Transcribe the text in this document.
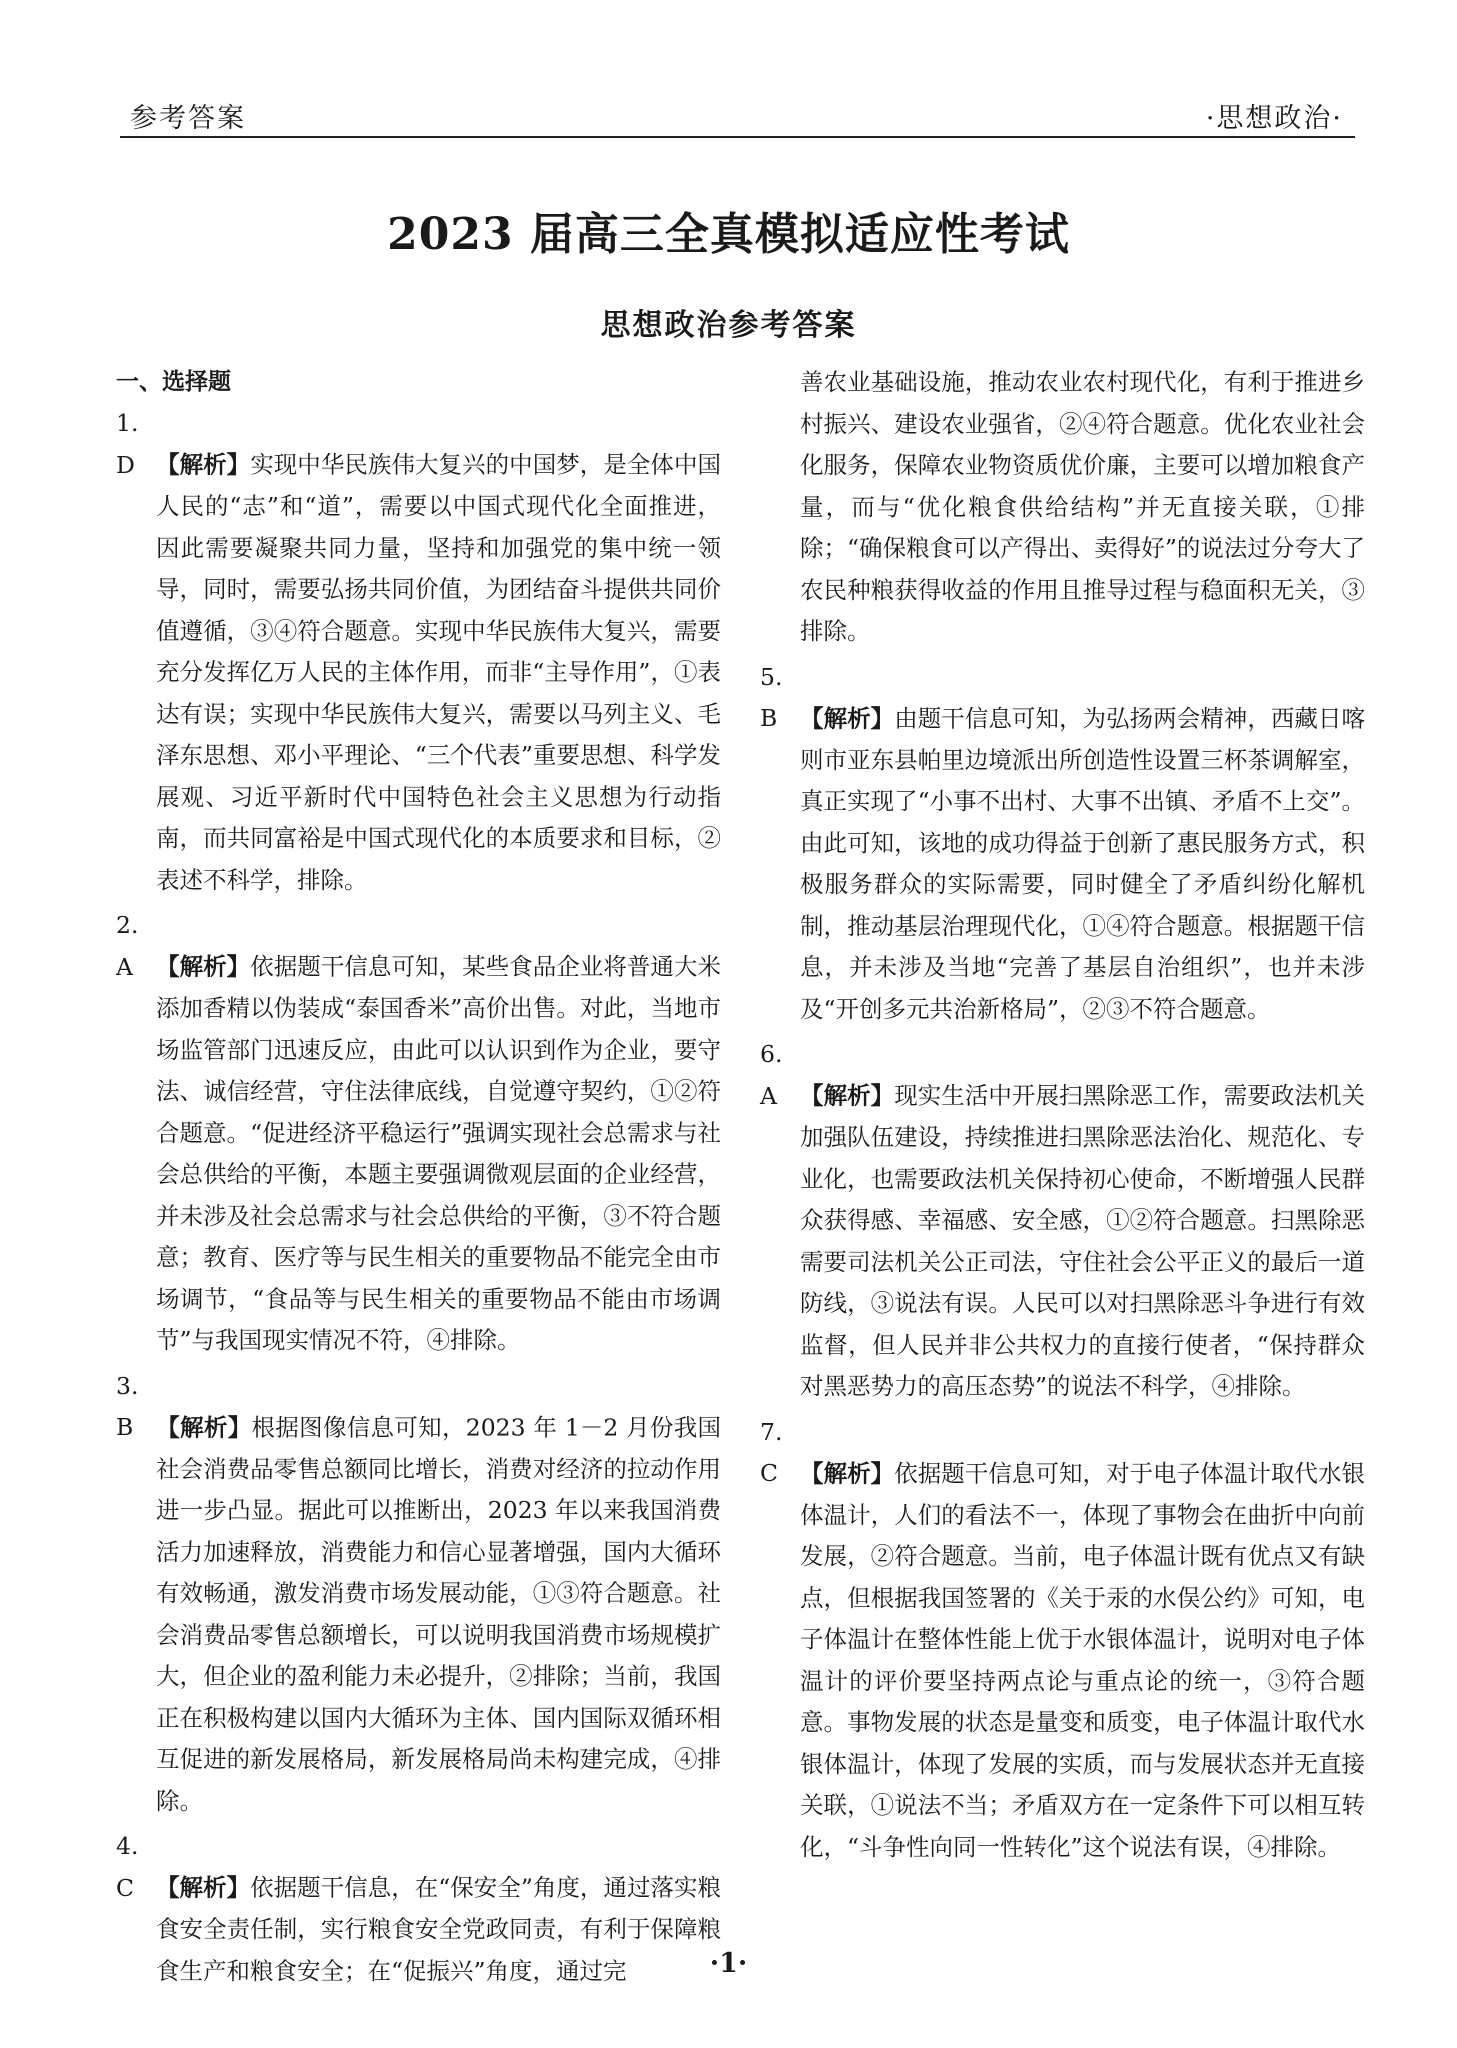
参考答案	·思想政治·
2023 届高三全真模拟适应性考试
思想政治参考答案
一、选择题

1. D 【解析】实现中华民族伟大复兴的中国梦，是全体中国人民的“志”和“道”，需要以中国式现代化全面推进，因此需要凝聚共同力量，坚持和加强党的集中统一领导，同时，需要弘扬共同价值，为团结奋斗提供共同价值遵循，③④符合题意。实现中华民族伟大复兴，需要充分发挥亿万人民的主体作用，而非“主导作用”，①表达有误；实现中华民族伟大复兴，需要以马列主义、毛泽东思想、邓小平理论、“三个代表”重要思想、科学发展观、习近平新时代中国特色社会主义思想为行动指南，而共同富裕是中国式现代化的本质要求和目标，②表述不科学，排除。

2. A 【解析】依据题干信息可知，某些食品企业将普通大米添加香精以伪装成“泰国香米”高价出售。对此，当地市场监管部门迅速反应，由此可以认识到作为企业，要守法、诚信经营，守住法律底线，自觉遵守契约，①②符合题意。“促进经济平稳运行”强调实现社会总需求与社会总供给的平衡，本题主要强调微观层面的企业经营，并未涉及社会总需求与社会总供给的平衡，③不符合题意；教育、医疗等与民生相关的重要物品不能完全由市场调节，“食品等与民生相关的重要物品不能由市场调节”与我国现实情况不符，④排除。

3. B 【解析】根据图像信息可知，2023 年 1－2 月份我国社会消费品零售总额同比增长，消费对经济的拉动作用进一步凸显。据此可以推断出，2023 年以来我国消费活力加速释放，消费能力和信心显著增强，国内大循环有效畅通，激发消费市场发展动能，①③符合题意。社会消费品零售总额增长，可以说明我国消费市场规模扩大，但企业的盈利能力未必提升，②排除；当前，我国正在积极构建以国内大循环为主体、国内国际双循环相互促进的新发展格局，新发展格局尚未构建完成，④排除。

4. C 【解析】依据题干信息，在“保安全”角度，通过落实粮食安全责任制，实行粮食安全党政同责，有利于保障粮食生产和粮食安全；在“促振兴”角度，通过完

善农业基础设施，推动农业农村现代化，有利于推进乡村振兴、建设农业强省，②④符合题意。优化农业社会化服务，保障农业物资质优价廉，主要可以增加粮食产量，而与“优化粮食供给结构”并无直接关联，①排除；“确保粮食可以产得出、卖得好”的说法过分夸大了农民种粮获得收益的作用且推导过程与稳面积无关，③排除。

5. B 【解析】由题干信息可知，为弘扬两会精神，西藏日喀则市亚东县帕里边境派出所创造性设置三杯茶调解室，真正实现了“小事不出村、大事不出镇、矛盾不上交”。由此可知，该地的成功得益于创新了惠民服务方式，积极服务群众的实际需要，同时健全了矛盾纠纷化解机制，推动基层治理现代化，①④符合题意。根据题干信息，并未涉及当地“完善了基层自治组织”，也并未涉及“开创多元共治新格局”，②③不符合题意。

6. A 【解析】现实生活中开展扫黑除恶工作，需要政法机关加强队伍建设，持续推进扫黑除恶法治化、规范化、专业化，也需要政法机关保持初心使命，不断增强人民群众获得感、幸福感、安全感，①②符合题意。扫黑除恶需要司法机关公正司法，守住社会公平正义的最后一道防线，③说法有误。人民可以对扫黑除恶斗争进行有效监督，但人民并非公共权力的直接行使者，“保持群众对黑恶势力的高压态势”的说法不科学，④排除。

7. C 【解析】依据题干信息可知，对于电子体温计取代水银体温计，人们的看法不一，体现了事物会在曲折中向前发展，②符合题意。当前，电子体温计既有优点又有缺点，但根据我国签署的《关于汞的水俣公约》可知，电子体温计在整体性能上优于水银体温计，说明对电子体温计的评价要坚持两点论与重点论的统一，③符合题意。事物发展的状态是量变和质变，电子体温计取代水银体温计，体现了发展的实质，而与发展状态并无直接关联，①说法不当；矛盾双方在一定条件下可以相互转化，“斗争性向同一性转化”这个说法有误，④排除。

·1·
